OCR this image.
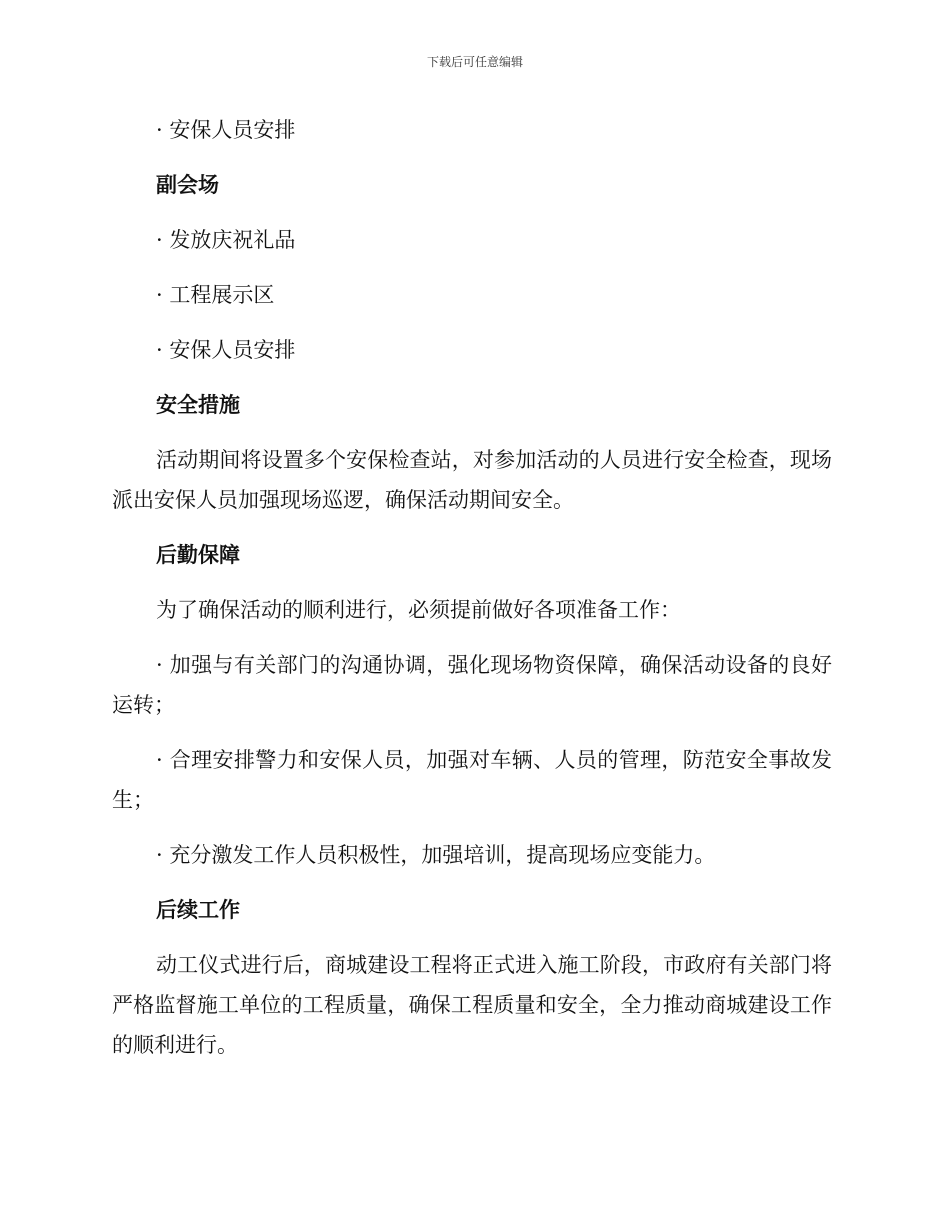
下载后可任意编辑

· 安保人员安排

副会场

· 发放庆祝礼品

· 工程展示区

· 安保人员安排

安全措施

活动期间将设置多个安保检查站，对参加活动的人员进行安全检查，现场派出安保人员加强现场巡逻，确保活动期间安全。

后勤保障

为了确保活动的顺利进行，必须提前做好各项准备工作：

· 加强与有关部门的沟通协调，强化现场物资保障，确保活动设备的良好运转；

· 合理安排警力和安保人员，加强对车辆、人员的管理，防范安全事故发生；

· 充分激发工作人员积极性，加强培训，提高现场应变能力。

后续工作

动工仪式进行后，商城建设工程将正式进入施工阶段，市政府有关部门将严格监督施工单位的工程质量，确保工程质量和安全，全力推动商城建设工作的顺利进行。
